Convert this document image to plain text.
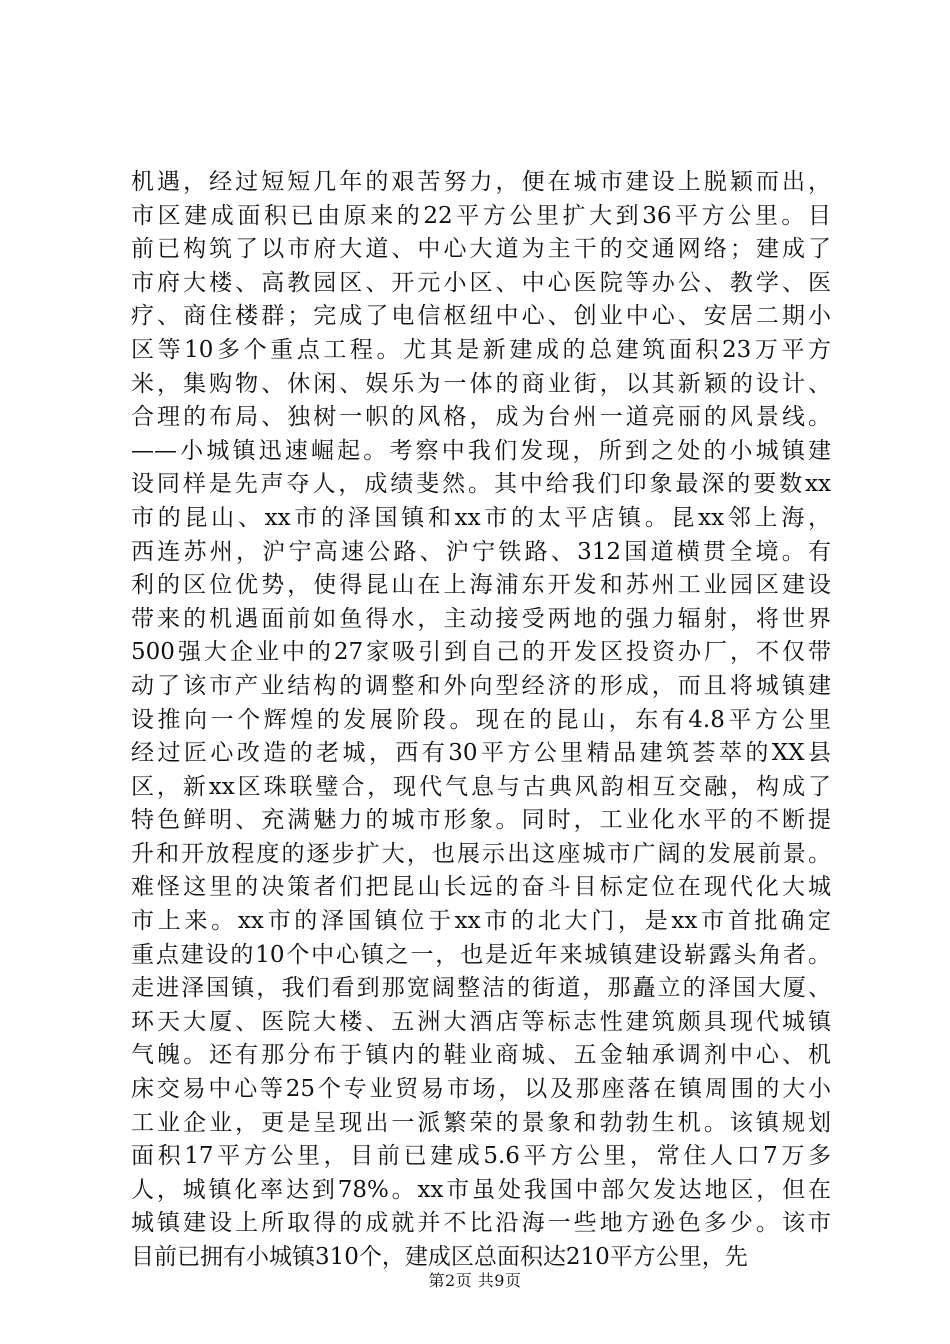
机遇，经过短短几年的艰苦努力，便在城市建设上脱颖而出，
市区建成面积已由原来的22平方公里扩大到36平方公里。目
前已构筑了以市府大道、中心大道为主干的交通网络；建成了
市府大楼、高教园区、开元小区、中心医院等办公、教学、医
疗、商住楼群；完成了电信枢纽中心、创业中心、安居二期小
区等10多个重点工程。尤其是新建成的总建筑面积23万平方
米，集购物、休闲、娱乐为一体的商业街，以其新颖的设计、
合理的布局、独树一帜的风格，成为台州一道亮丽的风景线。
——小城镇迅速崛起。考察中我们发现，所到之处的小城镇建
设同样是先声夺人，成绩斐然。其中给我们印象最深的要数xx
市的昆山、xx市的泽国镇和xx市的太平店镇。昆xx邻上海，
西连苏州，沪宁高速公路、沪宁铁路、312国道横贯全境。有
利的区位优势，使得昆山在上海浦东开发和苏州工业园区建设
带来的机遇面前如鱼得水，主动接受两地的强力辐射，将世界
500强大企业中的27家吸引到自己的开发区投资办厂，不仅带
动了该市产业结构的调整和外向型经济的形成，而且将城镇建
设推向一个辉煌的发展阶段。现在的昆山，东有4.8平方公里
经过匠心改造的老城，西有30平方公里精品建筑荟萃的XX县
区，新xx区珠联璧合，现代气息与古典风韵相互交融，构成了
特色鲜明、充满魅力的城市形象。同时，工业化水平的不断提
升和开放程度的逐步扩大，也展示出这座城市广阔的发展前景。
难怪这里的决策者们把昆山长远的奋斗目标定位在现代化大城
市上来。xx市的泽国镇位于xx市的北大门，是xx市首批确定
重点建设的10个中心镇之一，也是近年来城镇建设崭露头角者。
走进泽国镇，我们看到那宽阔整洁的街道，那矗立的泽国大厦、
环天大厦、医院大楼、五洲大酒店等标志性建筑颇具现代城镇
气魄。还有那分布于镇内的鞋业商城、五金轴承调剂中心、机
床交易中心等25个专业贸易市场，以及那座落在镇周围的大小
工业企业，更是呈现出一派繁荣的景象和勃勃生机。该镇规划
面积17平方公里，目前已建成5.6平方公里，常住人口7万多
人，城镇化率达到78%。xx市虽处我国中部欠发达地区，但在
城镇建设上所取得的成就并不比沿海一些地方逊色多少。该市
目前已拥有小城镇310个，建成区总面积达210平方公里，先
第2页 共9页
